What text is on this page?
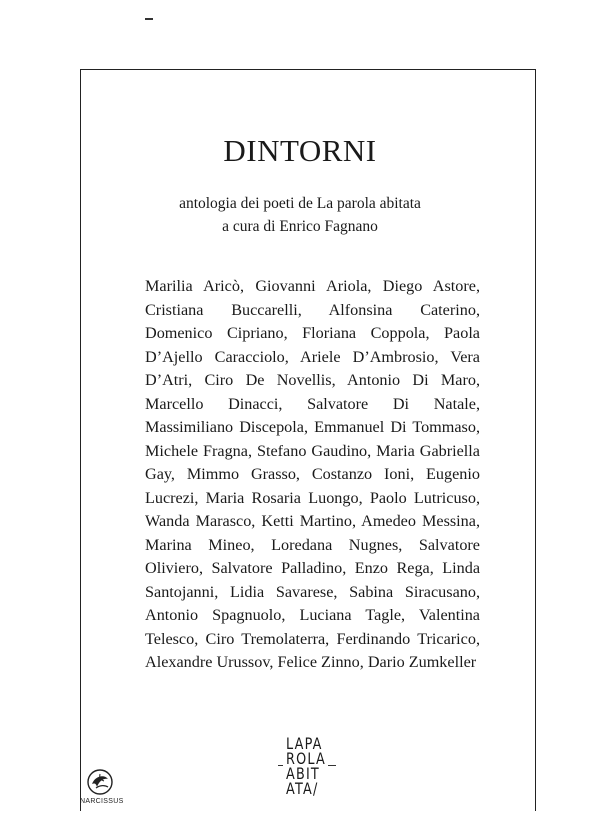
DINTORNI

antologia dei poeti de La parola abitata

a cura di Enrico Fagnano

Marilia Aricò, Giovanni Ariola, Diego Astore, Cristiana Buccarelli, Alfonsina Caterino, Domenico Cipriano, Floriana Coppola, Paola D’Ajello Caracciolo, Ariele D’Ambrosio, Vera D’Atri, Ciro De Novellis, Antonio Di Maro, Marcello Dinacci, Salvatore Di Natale, Massimiliano Discepola, Emmanuel Di Tommaso, Michele Fragna, Stefano Gaudino, Maria Gabriella Gay, Mimmo Grasso, Costanzo Ioni, Eugenio Lucrezi, Maria Rosaria Luongo, Paolo Lutricuso, Wanda Marasco, Ketti Martino, Amedeo Messina, Marina Mineo, Loredana Nugnes, Salvatore Oliviero, Salvatore Palladino, Enzo Rega, Linda Santojanni, Lidia Savarese, Sabina Siracusano, Antonio Spagnuolo, Luciana Tagle, Valentina Telesco, Ciro Tremolaterra, Ferdinando Tricarico, Alexandre Urussov, Felice Zinno, Dario Zumkeller

LAPA
ROLA
ABIT
ATA/
NARCISSUS
